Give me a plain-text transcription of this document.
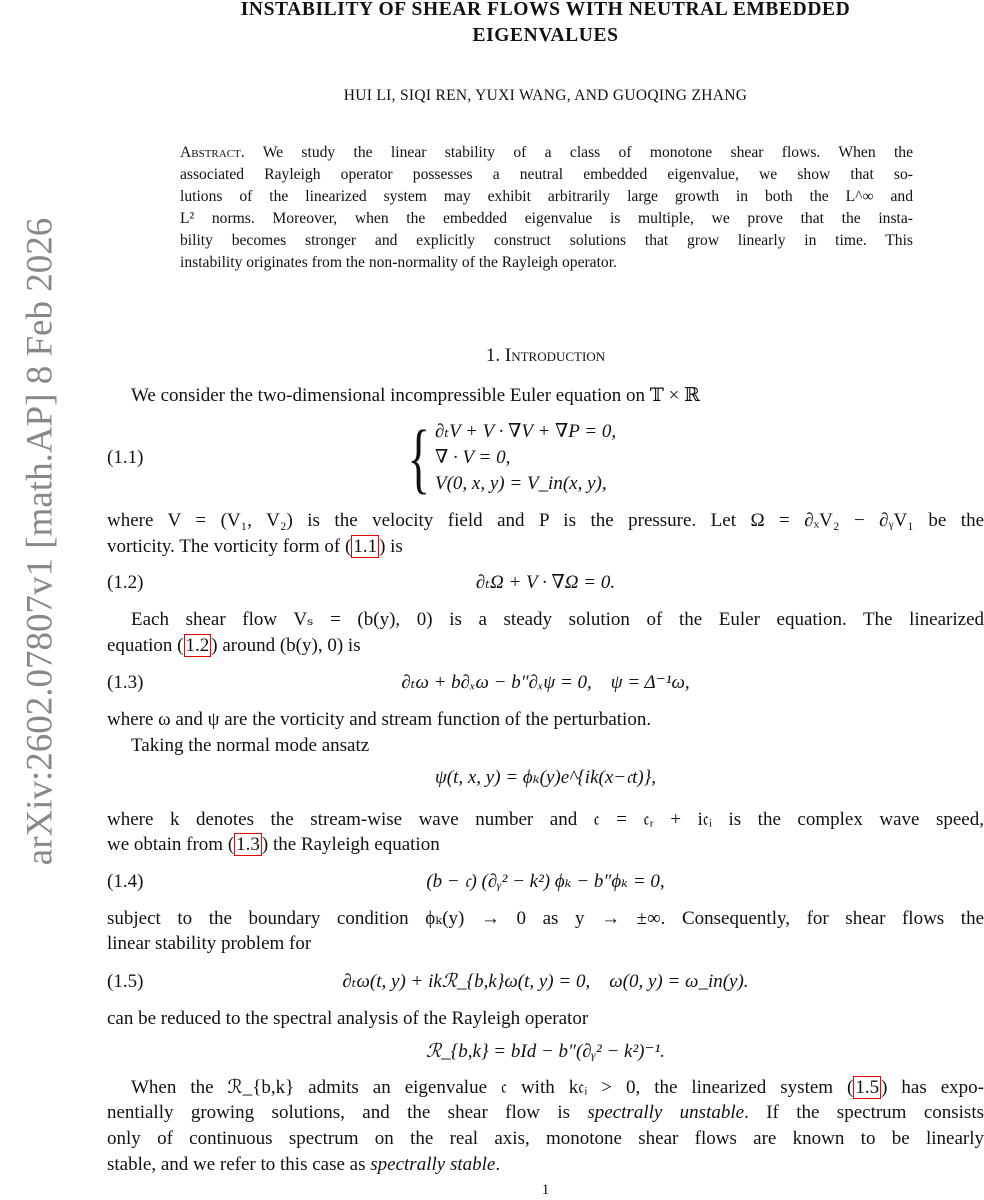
arXiv:2602.07807v1 [math.AP] 8 Feb 2026
INSTABILITY OF SHEAR FLOWS WITH NEUTRAL EMBEDDED
EIGENVALUES
HUI LI, SIQI REN, YUXI WANG, AND GUOQING ZHANG
Abstract. We study the linear stability of a class of monotone shear flows. When the
associated Rayleigh operator possesses a neutral embedded eigenvalue, we show that so-
lutions of the linearized system may exhibit arbitrarily large growth in both the L^∞ and
L² norms. Moreover, when the embedded eigenvalue is multiple, we prove that the insta-
bility becomes stronger and explicitly construct solutions that grow linearly in time. This
instability originates from the non-normality of the Rayleigh operator.
1. Introduction
We consider the two-dimensional incompressible Euler equation on 𝕋 × ℝ
(1.1)	{ ∂ₜV + V · ∇V + ∇P = 0,
∇ · V = 0,
V(0, x, y) = V_in(x, y),
where V = (V₁, V₂) is the velocity field and P is the pressure. Let Ω = ∂ₓV₂ − ∂ᵧV₁ be the
vorticity. The vorticity form of ( 1.1 ) is
(1.2)	∂ₜΩ + V · ∇Ω = 0.
Each shear flow Vₛ = (b(y), 0) is a steady solution of the Euler equation. The linearized
equation ( 1.2 ) around (b(y), 0) is
(1.3)	∂ₜω + b∂ₓω − b″∂ₓψ = 0,    ψ = Δ⁻¹ω,
where ω and ψ are the vorticity and stream function of the perturbation.
Taking the normal mode ansatz
ψ(t, x, y) = ϕₖ(y)e^{ik(x−𝔠t)},
where k denotes the stream-wise wave number and 𝔠 = 𝔠ᵣ + i𝔠ᵢ is the complex wave speed,
we obtain from ( 1.3 ) the Rayleigh equation
(1.4)	(b − 𝔠) (∂ᵧ² − k²) ϕₖ − b″ϕₖ = 0,
subject to the boundary condition ϕₖ(y) → 0 as y → ±∞. Consequently, for shear flows the
linear stability problem for
(1.5)	∂ₜω(t, y) + ikℛ_{b,k}ω(t, y) = 0,    ω(0, y) = ω_in(y).
can be reduced to the spectral analysis of the Rayleigh operator
ℛ_{b,k} = bId − b″(∂ᵧ² − k²)⁻¹.
When the ℛ_{b,k} admits an eigenvalue 𝔠 with k𝔠ᵢ > 0, the linearized system ( 1.5 ) has expo-
nentially growing solutions, and the shear flow is spectrally unstable. If the spectrum consists
only of continuous spectrum on the real axis, monotone shear flows are known to be linearly
stable, and we refer to this case as spectrally stable.
1
